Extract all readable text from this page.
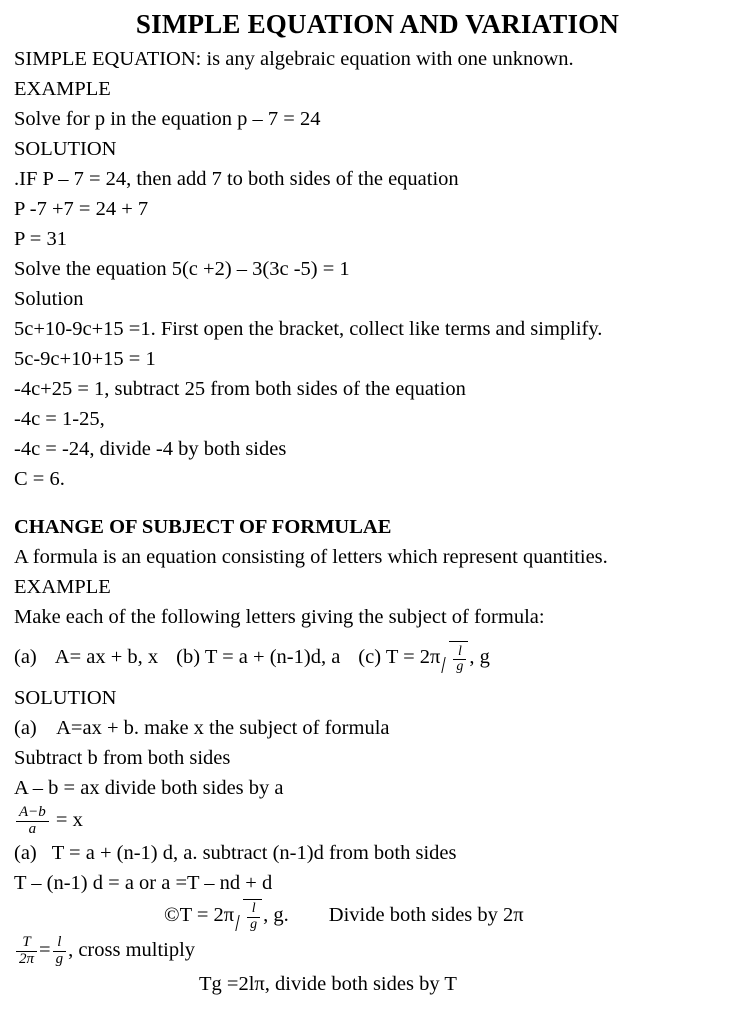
SIMPLE EQUATION AND VARIATION
SIMPLE EQUATION: is any algebraic equation with one unknown.
EXAMPLE
Solve for p in the equation p – 7 = 24
SOLUTION
.IF P – 7 = 24, then add 7 to both sides of the equation
P -7 +7 = 24 + 7
P = 31
Solve the equation 5(c +2) – 3(3c -5) = 1
Solution
5c+10-9c+15 =1. First open the bracket, collect like terms and simplify.
5c-9c+10+15 = 1
-4c+25 = 1, subtract 25 from both sides of the equation
-4c = 1-25,
-4c = -24, divide -4 by both sides
C = 6.
CHANGE OF SUBJECT OF FORMULAE
A formula is an equation consisting of letters which represent quantities.
EXAMPLE
Make each of the following letters giving the subject of formula:
(a) A= ax + b, x (b) T = a + (n-1)d, a (c) $T = 2\pi \frac{l}{g}$ , g
SOLUTION
(a)    A=ax + b. make x the subject of formula
Subtract b from both sides
A – b = ax divide both sides by a
$\frac{A-b}{a} = x$
(a)   T = a + (n-1) d, a. subtract (n-1)d from both sides
T – (n-1) d = a or a =T – nd + d
©T = $2\pi \frac{l}{g}$ , g. Divide both sides by 2π
$\frac{T}{2\pi} = \frac{l}{g}$ , cross multiply
Tg =2lπ, divide both sides by T
